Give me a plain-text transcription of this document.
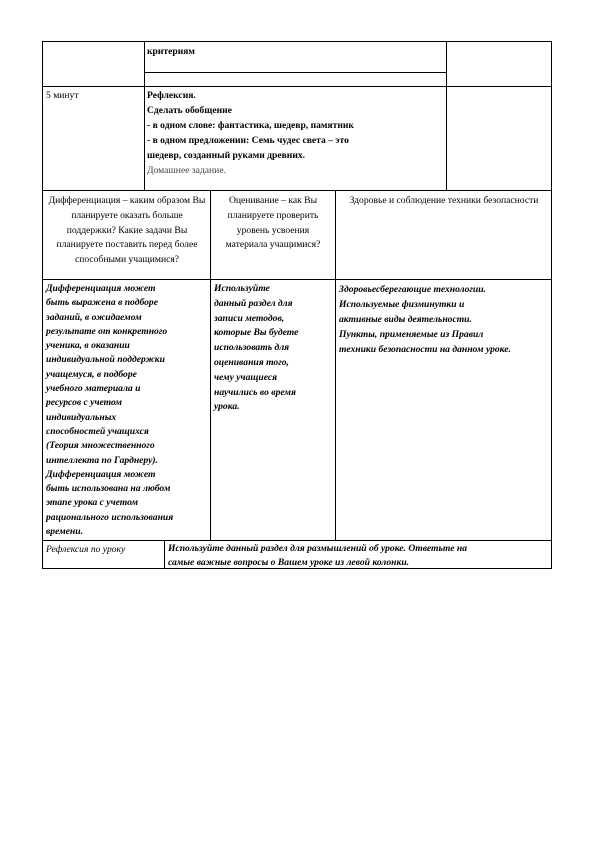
критериям
5 минут	Рефлексия.
Сделать обобщение
- в одном слове: фантастика, шедевр, памятник
- в одном предложении: Семь чудес света – это
шедевр, созданный руками древних.
Домашнее задание.
Дифференциация – каким образом Вы планируете оказать больше поддержки? Какие задачи Вы планируете поставить перед более способными учащимися?
Оценивание – как Вы планируете проверить уровень усвоения материала учащимися?
Здоровье и соблюдение техники безопасности
Дифференциация может
быть выражена в подборе
заданий, в ожидаемом
результате от конкретного
ученика, в оказании
индивидуальной поддержки
учащемуся, в подборе
учебного материала и
ресурсов с учетом
индивидуальных
способностей учащихся
(Теория множественного
интеллекта по Гарднеру).
Дифференциация может
быть использована на любом
этапе урока с учетом
рационального использования
времени.
Используйте
данный раздел для
записи методов,
которые Вы будете
использовать для
оценивания того,
чему учащиеся
научились во время
урока.
Здоровьесберегающие технологии.
Используемые физминутки и
активные виды деятельности.
Пункты, применяемые из Правил
техники безопасности на данном уроке.
Рефлексия по уроку	Используйте данный раздел для размышлений об уроке. Ответьте на
самые важные вопросы о Вашем уроке из левой колонки.
